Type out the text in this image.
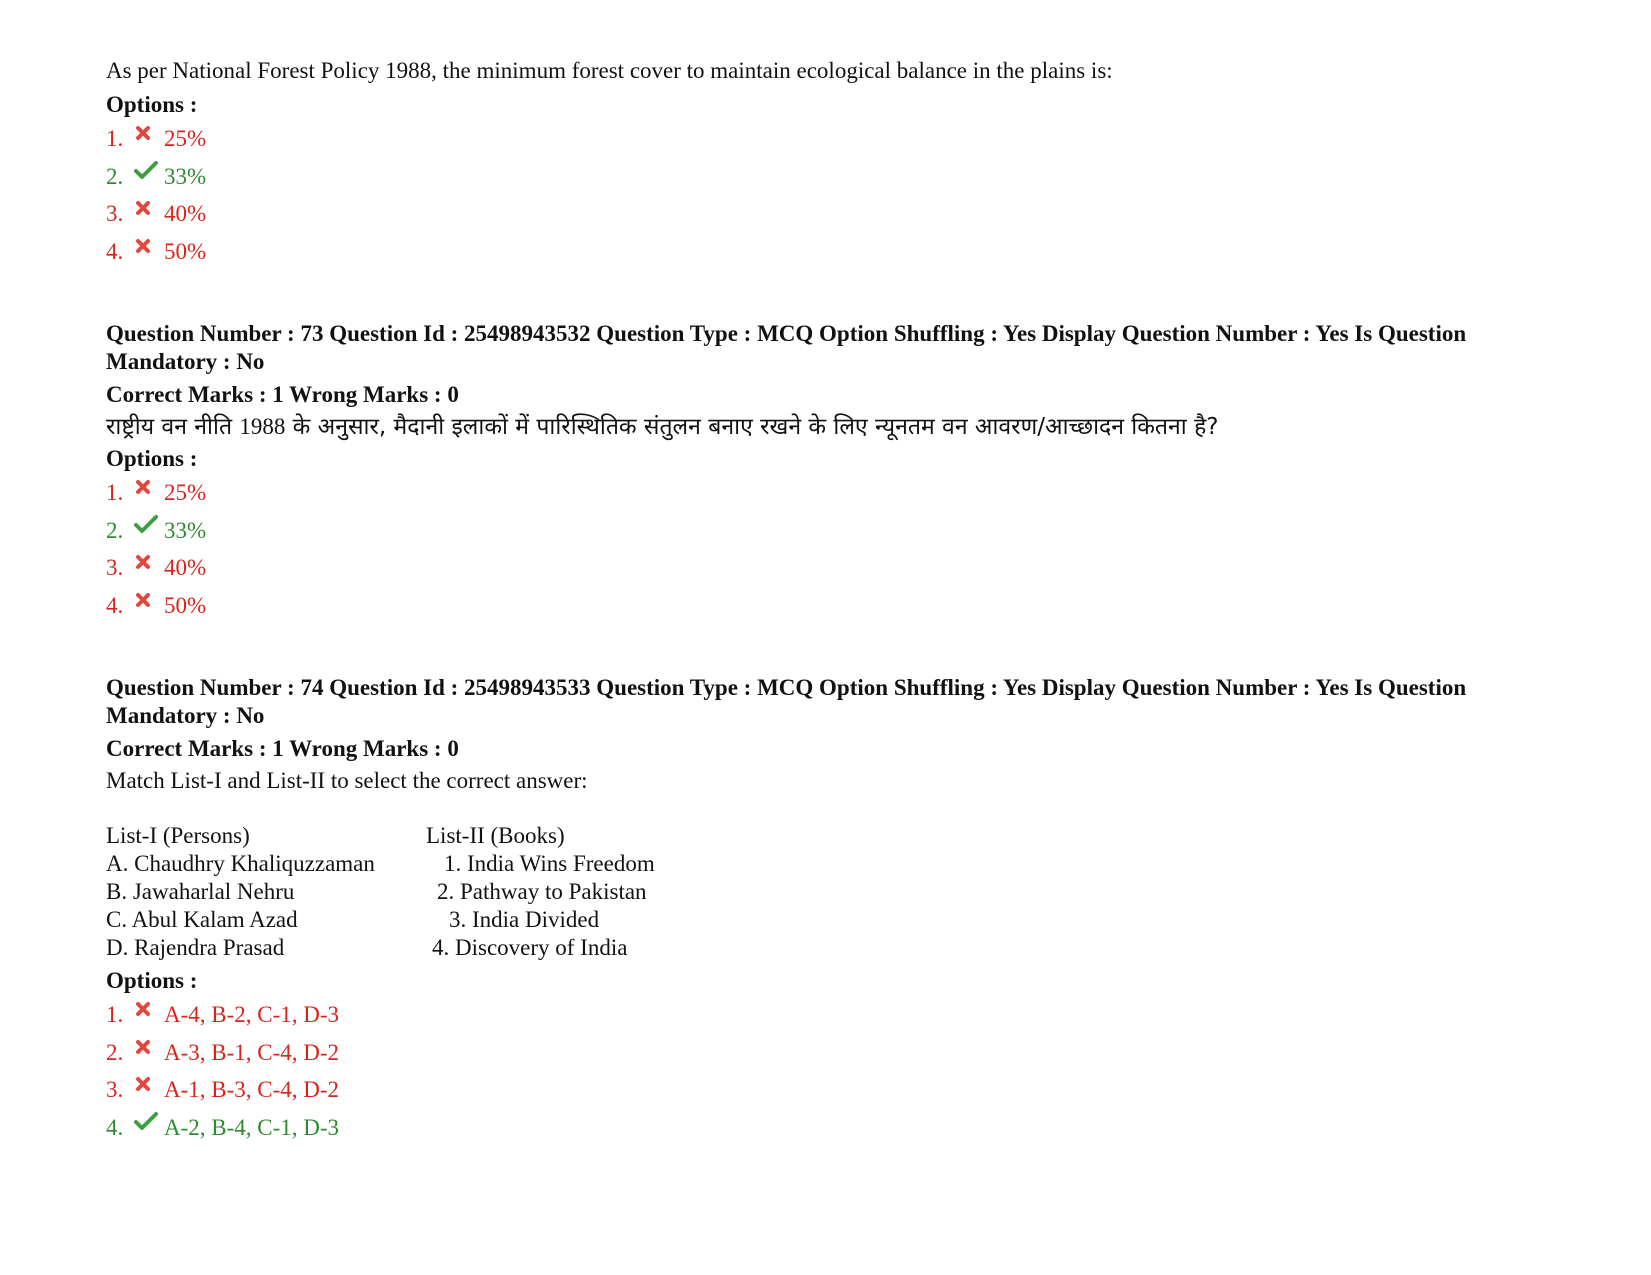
As per National Forest Policy 1988, the minimum forest cover to maintain ecological balance in the plains is:
Options :
1.	25%
2.	33%
3.	40%
4.	50%
Question Number : 73 Question Id : 25498943532 Question Type : MCQ Option Shuffling : Yes Display Question Number : Yes Is Question Mandatory : No
Correct Marks : 1 Wrong Marks : 0
राष्ट्रीय वन नीति 1988 के अनुसार, मैदानी इलाकों में पारिस्थितिक संतुलन बनाए रखने के लिए न्यूनतम वन आवरण/आच्छादन कितना है?
Options :
1.	25%
2.	33%
3.	40%
4.	50%
Question Number : 74 Question Id : 25498943533 Question Type : MCQ Option Shuffling : Yes Display Question Number : Yes Is Question Mandatory : No
Correct Marks : 1 Wrong Marks : 0
Match List-I and List-II to select the correct answer:
List-I (Persons)	List-II (Books)
A. Chaudhry Khaliquzzaman	1. India Wins Freedom
B. Jawaharlal Nehru	2. Pathway to Pakistan
C. Abul Kalam Azad	3. India Divided
D. Rajendra Prasad	4. Discovery of India
Options :
1.	A-4, B-2, C-1, D-3
2.	A-3, B-1, C-4, D-2
3.	A-1, B-3, C-4, D-2
4.	A-2, B-4, C-1, D-3
